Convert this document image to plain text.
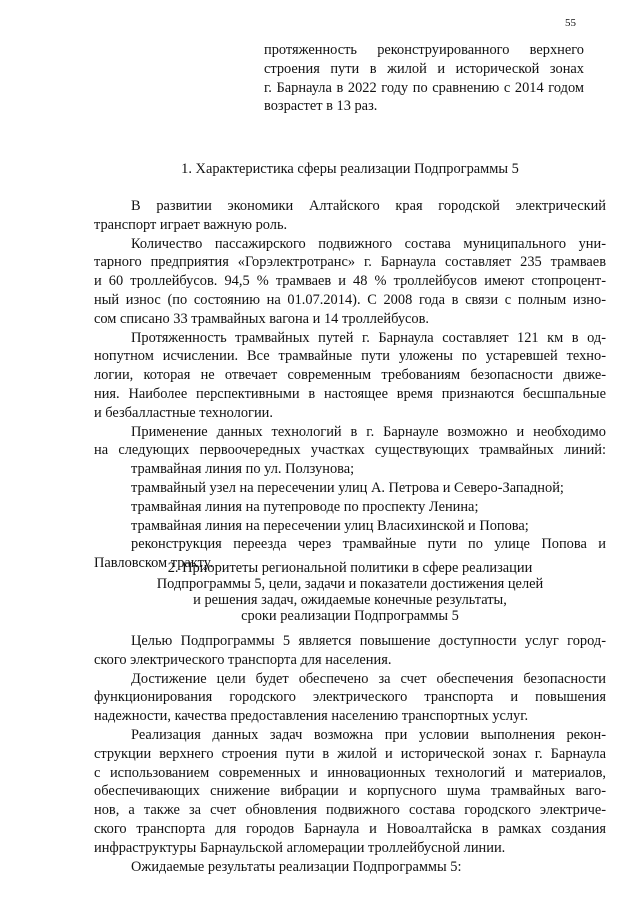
55
протяженность реконструированного верхнего
строения пути в жилой и исторической зонах
г. Барнаула в 2022 году по сравнению с 2014 годом
возрастет в 13 раз.
1. Характеристика сферы реализации Подпрограммы 5
В развитии экономики Алтайского края городской электрический
транспорт играет важную роль.
Количество пассажирского подвижного состава муниципального уни-
тарного предприятия «Горэлектротранс» г. Барнаула составляет 235 трамваев
и 60 троллейбусов. 94,5 % трамваев и 48 % троллейбусов имеют стопроцент-
ный износ (по состоянию на 01.07.2014). С 2008 года в связи с полным изно-
сом списано 33 трамвайных вагона и 14 троллейбусов.
Протяженность трамвайных путей г. Барнаула составляет 121 км в од-
нопутном исчислении. Все трамвайные пути уложены по устаревшей техно-
логии, которая не отвечает современным требованиям безопасности движе-
ния. Наиболее перспективными в настоящее время признаются бесшпальные
и безбалластные технологии.
Применение данных технологий в г. Барнауле возможно и необходимо
на следующих первоочередных участках существующих трамвайных линий:
трамвайная линия по ул. Ползунова;
трамвайный узел на пересечении улиц А. Петрова и Северо-Западной;
трамвайная линия на путепроводе по проспекту Ленина;
трамвайная линия на пересечении улиц Власихинской и Попова;
реконструкция переезда через трамвайные пути по улице Попова и
Павловском тракту.
2. Приоритеты региональной политики в сфере реализации
Подпрограммы 5, цели, задачи и показатели достижения целей
и решения задач, ожидаемые конечные результаты,
сроки реализации Подпрограммы 5
Целью Подпрограммы 5 является повышение доступности услуг город-
ского электрического транспорта для населения.
Достижение цели будет обеспечено за счет обеспечения безопасности
функционирования городского электрического транспорта и повышения
надежности, качества предоставления населению транспортных услуг.
Реализация данных задач возможна при условии выполнения рекон-
струкции верхнего строения пути в жилой и исторической зонах г. Барнаула
с использованием современных и инновационных технологий и материалов,
обеспечивающих снижение вибрации и корпусного шума трамвайных ваго-
нов, а также за счет обновления подвижного состава городского электриче-
ского транспорта для городов Барнаула и Новоалтайска в рамках создания
инфраструктуры Барнаульской агломерации троллейбусной линии.
Ожидаемые результаты реализации Подпрограммы 5:
